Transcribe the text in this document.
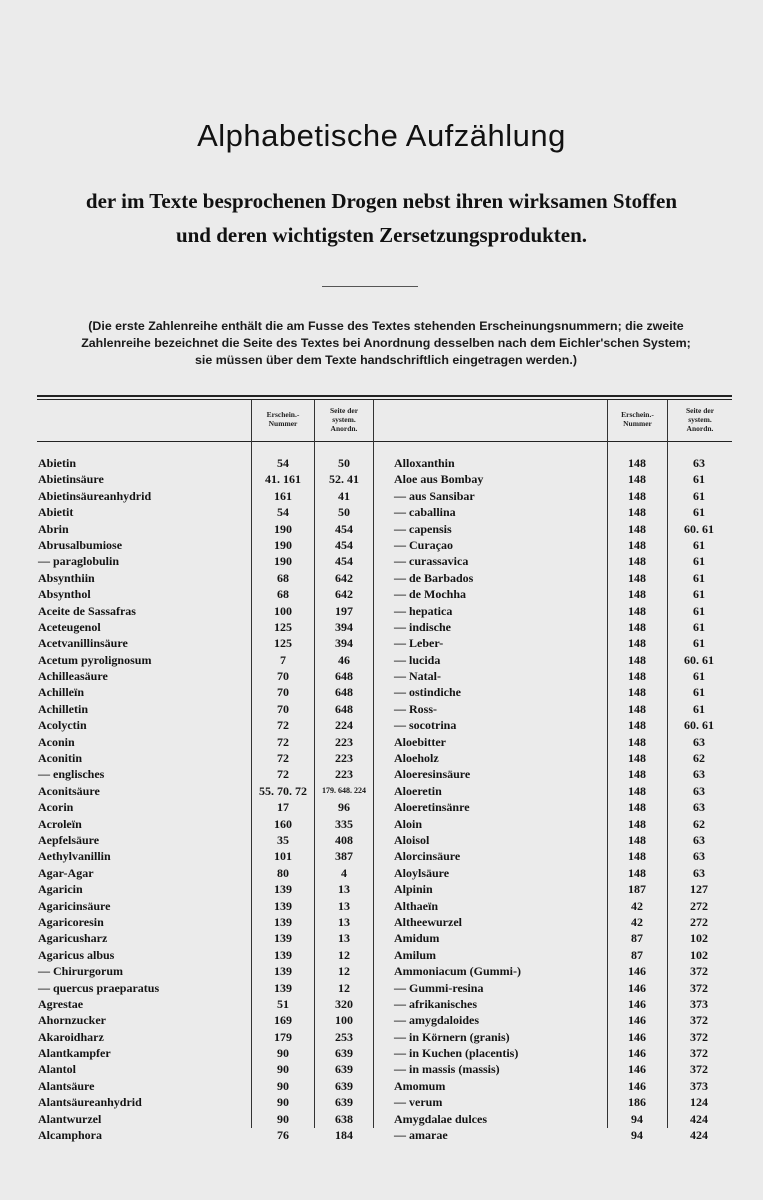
Alphabetische Aufzählung
der im Texte besprochenen Drogen nebst ihren wirksamen Stoffen
und deren wichtigsten Zersetzungsprodukten.
(Die erste Zahlenreihe enthält die am Fusse des Textes stehenden Erscheinungsnummern; die zweite
Zahlenreihe bezeichnet die Seite des Textes bei Anordnung desselben nach dem Eichler'schen System;
sie müssen über dem Texte handschriftlich eingetragen werden.)
Erschein.-
Nummer
Seite der
system.
Anordn.
Erschein.-
Nummer
Seite der
system.
Anordn.
Abietin	54	50	Alloxanthin	148	63
Abietinsäure	41. 161	52. 41	Aloe aus Bombay	148	61
Abietinsäureanhydrid	161	41	— aus Sansibar	148	61
Abietit	54	50	— caballina	148	61
Abrin	190	454	— capensis	148	60. 61
Abrusalbumiose	190	454	— Curaçao	148	61
— paraglobulin	190	454	— curassavica	148	61
Absynthiin	68	642	— de Barbados	148	61
Absynthol	68	642	— de Mochha	148	61
Aceite de Sassafras	100	197	— hepatica	148	61
Aceteugenol	125	394	— indische	148	61
Acetvanillinsäure	125	394	— Leber-	148	61
Acetum pyrolignosum	7	46	— lucida	148	60. 61
Achilleasäure	70	648	— Natal-	148	61
Achilleïn	70	648	— ostindiche	148	61
Achilletin	70	648	— Ross-	148	61
Acolyctin	72	224	— socotrina	148	60. 61
Aconin	72	223	Aloebitter	148	63
Aconitin	72	223	Aloeholz	148	62
— englisches	72	223	Aloeresinsäure	148	63
Aconitsäure	55. 70. 72	179. 648. 224	Aloeretin	148	63
Acorin	17	96	Aloeretinsänre	148	63
Acroleïn	160	335	Aloin	148	62
Aepfelsäure	35	408	Aloisol	148	63
Aethylvanillin	101	387	Alorcinsäure	148	63
Agar-Agar	80	4	Aloylsäure	148	63
Agaricin	139	13	Alpinin	187	127
Agaricinsäure	139	13	Althaeïn	42	272
Agaricoresin	139	13	Altheewurzel	42	272
Agaricusharz	139	13	Amidum	87	102
Agaricus albus	139	12	Amilum	87	102
— Chirurgorum	139	12	Ammoniacum (Gummi-)	146	372
— quercus praeparatus	139	12	— Gummi-resina	146	372
Agrestae	51	320	— afrikanisches	146	373
Ahornzucker	169	100	— amygdaloides	146	372
Akaroidharz	179	253	— in Körnern (granis)	146	372
Alantkampfer	90	639	— in Kuchen (placentis)	146	372
Alantol	90	639	— in massis (massis)	146	372
Alantsäure	90	639	Amomum	146	373
Alantsäureanhydrid	90	639	— verum	186	124
Alantwurzel	90	638	Amygdalae dulces	94	424
Alcamphora	76	184	— amarae	94	424
